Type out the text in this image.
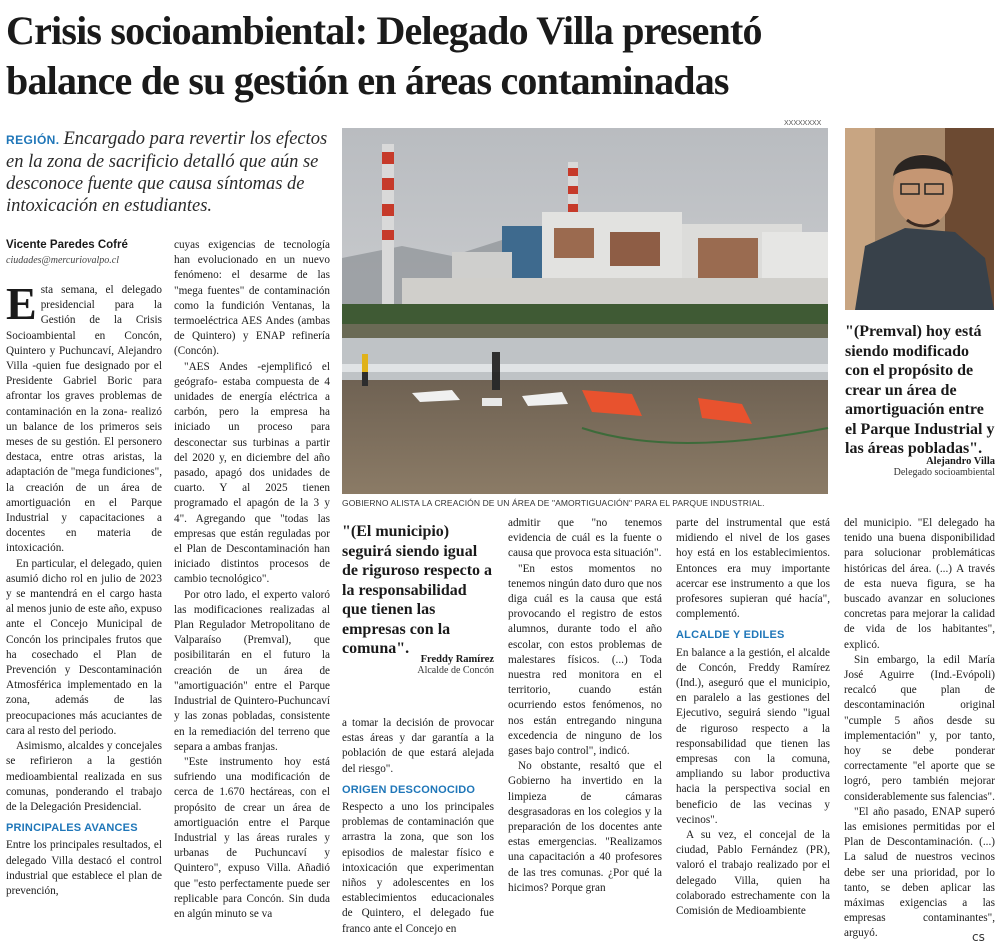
Crisis socioambiental: Delegado Villa presentó
balance de su gestión en áreas contaminadas

REGIÓN. Encargado para revertir los efectos en la zona de sacrificio detalló que aún se desconoce fuente que causa síntomas de intoxicación en estudiantes.

Vicente Paredes Cofré
ciudades@mercuriovalpo.cl

Esta semana, el delegado presidencial para la Gestión de la Crisis Socioambiental en Concón, Quintero y Puchuncaví, Alejandro Villa -quien fue designado por el Presidente Gabriel Boric para afrontar los graves problemas de contaminación en la zona- realizó un balance de los primeros seis meses de su gestión. El personero destaca, entre otras aristas, la adaptación de "mega fundiciones", la creación de un área de amortiguación en el Parque Industrial y capacitaciones a docentes en materia de intoxicación.

En particular, el delegado, quien asumió dicho rol en julio de 2023 y se mantendrá en el cargo hasta al menos junio de este año, expuso ante el Concejo Municipal de Concón los principales frutos que ha cosechado el Plan de Prevención y Descontaminación Atmosférica implementado en la zona, además de las preocupaciones más acuciantes de cara al resto del periodo.

Asimismo, alcaldes y concejales se refirieron a la gestión medioambiental realizada en sus comunas, ponderando el trabajo de la Delegación Presidencial.

PRINCIPALES AVANCES

Entre los principales resultados, el delegado Villa destacó el control industrial que establece el plan de prevención,

cuyas exigencias de tecnología han evolucionado en un nuevo fenómeno: el desarme de las "mega fuentes" de contaminación como la fundición Ventanas, la termoeléctrica AES Andes (ambas de Quintero) y ENAP refinería (Concón).

"AES Andes -ejemplificó el geógrafo- estaba compuesta de 4 unidades de energía eléctrica a carbón, pero la empresa ha iniciado un proceso para desconectar sus turbinas a partir del 2020 y, en diciembre del año pasado, apagó dos unidades de cuarto. Y al 2025 tienen programado el apagón de la 3 y 4". Agregando que "todas las empresas que están reguladas por el Plan de Descontaminación han iniciado distintos procesos de cambio tecnológico".

Por otro lado, el experto valoró las modificaciones realizadas al Plan Regulador Metropolitano de Valparaíso (Premval), que posibilitarán en el futuro la creación de un área de "amortiguación" entre el Parque Industrial de Quintero-Puchuncaví y las zonas pobladas, consistente en la remediación del terreno que separa a ambas franjas.

"Este instrumento hoy está sufriendo una modificación de cerca de 1.670 hectáreas, con el propósito de crear un área de amortiguación entre el Parque Industrial y las áreas rurales y urbanas de Puchuncaví y Quintero", expuso Villa. Añadió que "esto perfectamente puede ser replicable para Concón. Sin duda en algún minuto se va

XXXXXXXX
GOBIERNO ALISTA LA CREACIÓN DE UN ÁREA DE "AMORTIGUACIÓN" PARA EL PARQUE INDUSTRIAL.
"(Premval) hoy está siendo modificado con el propósito de crear un área de amortiguación entre el Parque Industrial y las áreas pobladas".
Alejandro Villa
Delegado socioambiental
"(El municipio) seguirá siendo igual de riguroso respecto a la responsabilidad que tienen las empresas con la comuna".
Freddy Ramírez
Alcalde de Concón

a tomar la decisión de provocar estas áreas y dar garantía a la población de que estará alejada del riesgo".

ORIGEN DESCONOCIDO

Respecto a uno los principales problemas de contaminación que arrastra la zona, que son los episodios de malestar físico e intoxicación que experimentan niños y adolescentes en los establecimientos educacionales de Quintero, el delegado fue franco ante el Concejo en

admitir que "no tenemos evidencia de cuál es la fuente o causa que provoca esta situación".

"En estos momentos no tenemos ningún dato duro que nos diga cuál es la causa que está provocando el registro de estos alumnos, durante todo el año escolar, con estos problemas de malestares físicos. (...) Toda nuestra red monitora en el territorio, cuando están ocurriendo estos fenómenos, no nos están entregando ninguna excedencia de ninguno de los gases bajo control", indicó.

No obstante, resaltó que el Gobierno ha invertido en la limpieza de cámaras desgrasadoras en los colegios y la preparación de los docentes ante estas emergencias. "Realizamos una capacitación a 40 profesores de las tres comunas. ¿Por qué la hicimos? Porque gran

parte del instrumental que está midiendo el nivel de los gases hoy está en los establecimientos. Entonces era muy importante acercar ese instrumento a que los profesores supieran qué hacía", complementó.

ALCALDE Y EDILES

En balance a la gestión, el alcalde de Concón, Freddy Ramírez (Ind.), aseguró que el municipio, en paralelo a las gestiones del Ejecutivo, seguirá siendo "igual de riguroso respecto a la responsabilidad que tienen las empresas con la comuna, ampliando su labor productiva hacia la perspectiva social en beneficio de las vecinas y vecinos".

A su vez, el concejal de la ciudad, Pablo Fernández (PR), valoró el trabajo realizado por el delegado Villa, quien ha colaborado estrechamente con la Comisión de Medioambiente

del municipio. "El delegado ha tenido una buena disponibilidad para solucionar problemáticas históricas del área. (...) A través de esta nueva figura, se ha buscado avanzar en soluciones concretas para mejorar la calidad de vida de los habitantes", explicó.

Sin embargo, la edil María José Aguirre (Ind.-Evópoli) recalcó que plan de descontaminación original "cumple 5 años desde su implementación" y, por tanto, hoy se debe ponderar correctamente "el aporte que se logró, pero también mejorar considerablemente sus falencias".

"El año pasado, ENAP superó las emisiones permitidas por el Plan de Descontaminación. (...) La salud de nuestros vecinos debe ser una prioridad, por lo tanto, se deben aplicar las máximas exigencias a las empresas contaminantes", arguyó.	cs
